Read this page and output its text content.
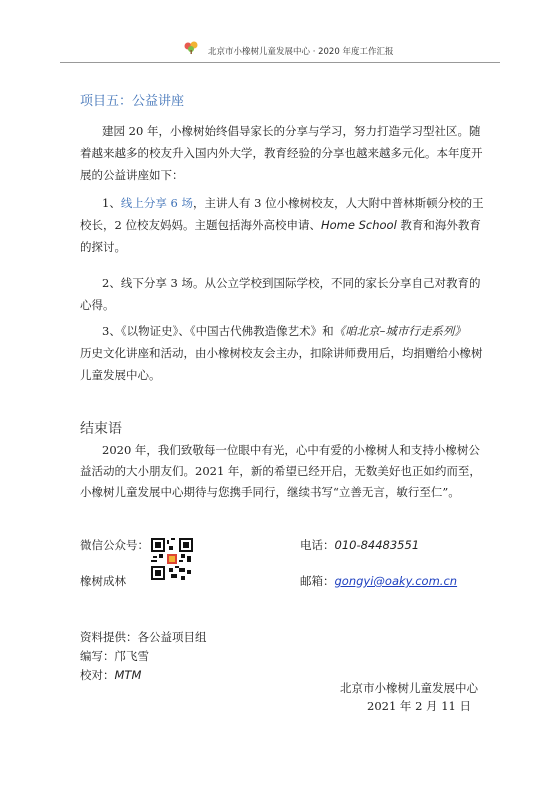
北京市小橡树儿童发展中心 · 2020 年度工作汇报
项目五：公益讲座
建园 20 年，小橡树始终倡导家长的分享与学习，努力打造学习型社区。随着越来越多的校友升入国内外大学，教育经验的分享也越来越多元化。本年度开展的公益讲座如下：
1、线上分享 6 场，主讲人有 3 位小橡树校友，人大附中普林斯顿分校的王校长，2 位校友妈妈。主题包括海外高校申请、Home School 教育和海外教育的探讨。
2、线下分享 3 场。从公立学校到国际学校，不同的家长分享自己对教育的心得。
3、《以物证史》、《中国古代佛教造像艺术》和《咱北京–城市行走系列》
历史文化讲座和活动，由小橡树校友会主办，扣除讲师费用后，均捐赠给小橡树儿童发展中心。
结束语
2020 年，我们致敬每一位眼中有光，心中有爱的小橡树人和支持小橡树公益活动的大小朋友们。2021 年，新的希望已经开启，无数美好也正如约而至，小橡树儿童发展中心期待与您携手同行，继续书写“立善无言，敏行至仁”。
微信公众号：	电话：010-84483551
橡树成林	邮箱：gongyi@oaky.com.cn
资料提供：各公益项目组
编写：邝飞雪
校对：MTM
北京市小橡树儿童发展中心
2021 年 2 月 11 日
